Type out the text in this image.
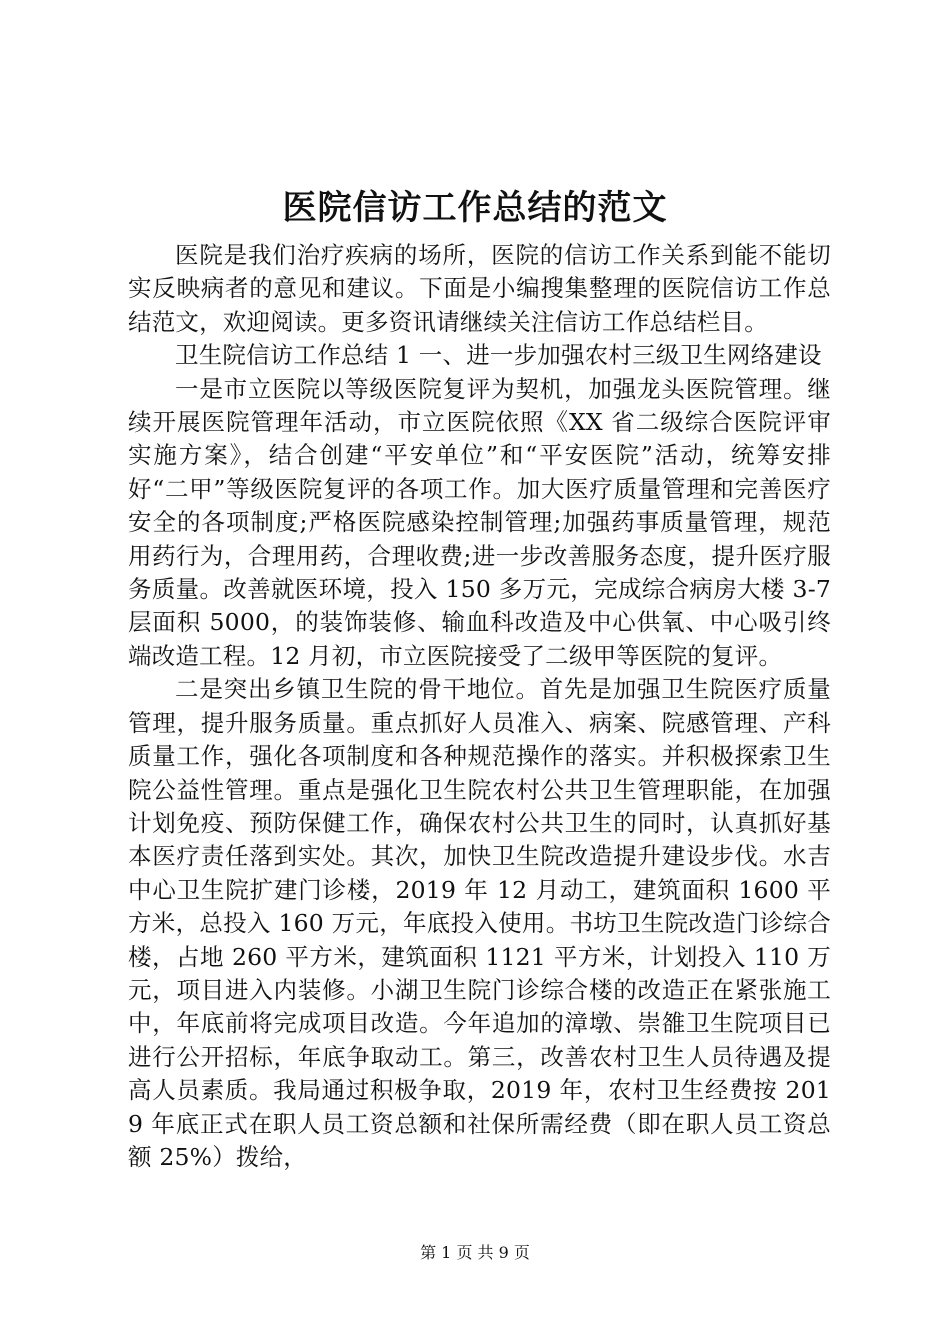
医院信访工作总结的范文

医院是我们治疗疾病的场所，医院的信访工作关系到能不能切实反映病者的意见和建议。下面是小编搜集整理的医院信访工作总结范文，欢迎阅读。更多资讯请继续关注信访工作总结栏目。

卫生院信访工作总结 1 一、进一步加强农村三级卫生网络建设

一是市立医院以等级医院复评为契机，加强龙头医院管理。继续开展医院管理年活动，市立医院依照《XX 省二级综合医院评审实施方案》，结合创建“平安单位”和“平安医院”活动，统筹安排好“二甲”等级医院复评的各项工作。加大医疗质量管理和完善医疗安全的各项制度;严格医院感染控制管理;加强药事质量管理，规范用药行为，合理用药，合理收费;进一步改善服务态度，提升医疗服务质量。改善就医环境，投入 150 多万元，完成综合病房大楼 3-7 层面积 5000，的装饰装修、输血科改造及中心供氧、中心吸引终端改造工程。12 月初，市立医院接受了二级甲等医院的复评。

二是突出乡镇卫生院的骨干地位。首先是加强卫生院医疗质量管理，提升服务质量。重点抓好人员准入、病案、院感管理、产科质量工作，强化各项制度和各种规范操作的落实。并积极探索卫生院公益性管理。重点是强化卫生院农村公共卫生管理职能，在加强计划免疫、预防保健工作，确保农村公共卫生的同时，认真抓好基本医疗责任落到实处。其次，加快卫生院改造提升建设步伐。水吉中心卫生院扩建门诊楼，2019 年 12 月动工，建筑面积 1600 平方米，总投入 160 万元，年底投入使用。书坊卫生院改造门诊综合楼，占地 260 平方米，建筑面积 1121 平方米，计划投入 110 万元，项目进入内装修。小湖卫生院门诊综合楼的改造正在紧张施工中，年底前将完成项目改造。今年追加的漳墩、崇雒卫生院项目已进行公开招标，年底争取动工。第三，改善农村卫生人员待遇及提高人员素质。我局通过积极争取，2019 年，农村卫生经费按 2019 年底正式在职人员工资总额和社保所需经费（即在职人员工资总额 25%）拨给，

第 1 页 共 9 页
